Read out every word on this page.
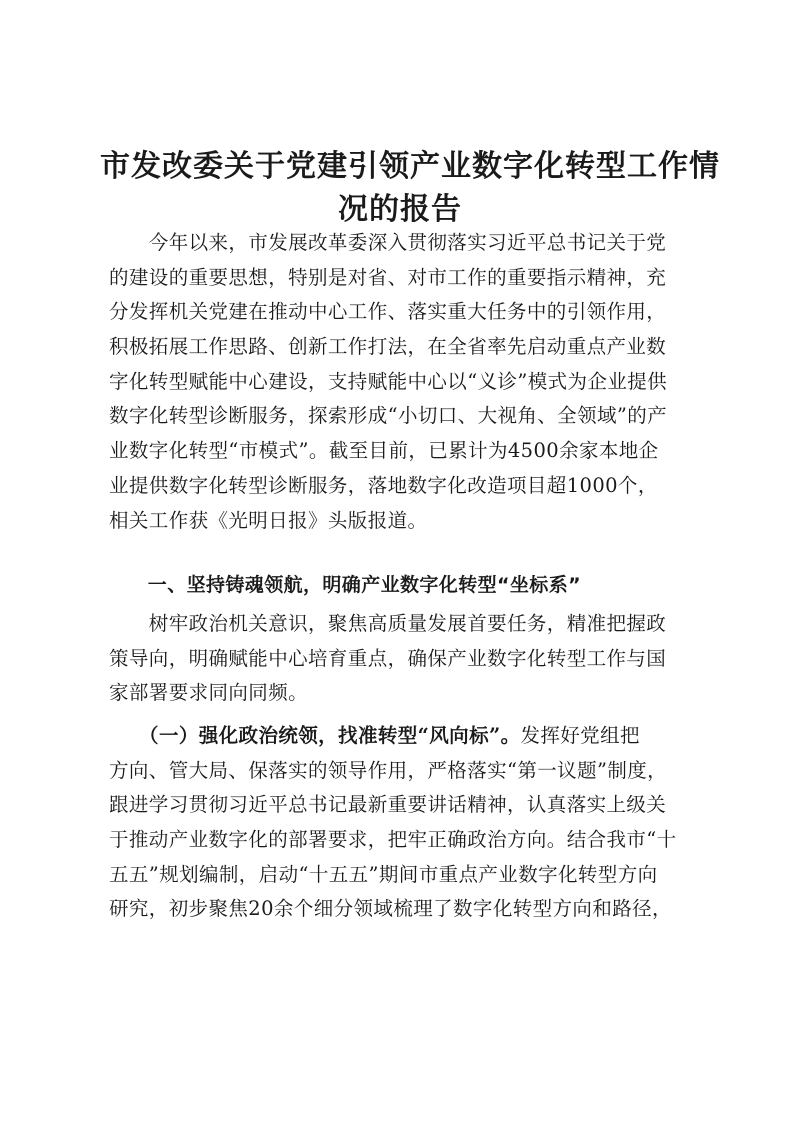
市发改委关于党建引领产业数字化转型工作情
况的报告

　　今年以来，市发展改革委深入贯彻落实习近平总书记关于党

的建设的重要思想，特别是对省、对市工作的重要指示精神，充

分发挥机关党建在推动中心工作、落实重大任务中的引领作用，

积极拓展工作思路、创新工作打法，在全省率先启动重点产业数

字化转型赋能中心建设，支持赋能中心以“义诊”模式为企业提供

数字化转型诊断服务，探索形成“小切口、大视角、全领域”的产

业数字化转型“市模式”。截至目前，已累计为4500余家本地企

业提供数字化转型诊断服务，落地数字化改造项目超1000个，

相关工作获《光明日报》头版报道。

　　一、坚持铸魂领航，明确产业数字化转型“坐标系”

　　树牢政治机关意识，聚焦高质量发展首要任务，精准把握政

策导向，明确赋能中心培育重点，确保产业数字化转型工作与国

家部署要求同向同频。

　　（一）强化政治统领，找准转型“风向标”。发挥好党组把

方向、管大局、保落实的领导作用，严格落实“第一议题”制度，

跟进学习贯彻习近平总书记最新重要讲话精神，认真落实上级关

于推动产业数字化的部署要求，把牢正确政治方向。结合我市“十

五五”规划编制，启动“十五五”期间市重点产业数字化转型方向

研究，初步聚焦20余个细分领域梳理了数字化转型方向和路径，
